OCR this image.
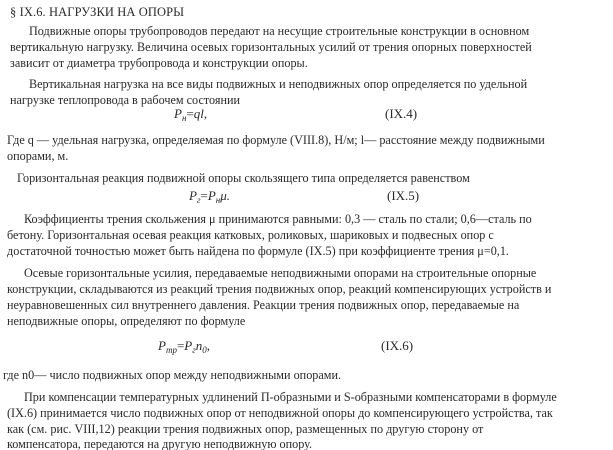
§ IX.6. НАГРУЗКИ НА ОПОРЫ
Подвижные опоры трубопроводов передают на несущие строительные конструкции в основном
вертикальную нагрузку. Величина осевых горизонтальных усилий от трения опорных поверхностей
зависит от диаметра трубопровода и конструкции опоры.
Вертикальная нагрузка на все виды подвижных и неподвижных опор определяется по удельной
нагрузке теплопровода в рабочем состоянии
$P_н=ql$,	(IX.4)
Где q — удельная нагрузка, определяемая по формуле (VIII.8), Н/м; l— расстояние между подвижными
опорами, м.
Горизонтальная реакция подвижной опоры скользящего типа определяется равенством
$P_г=P_н\mu$.	(IX.5)
Коэффициенты трения скольжения μ принимаются равными: 0,3 — сталь по стали; 0,6—сталь по
бетону. Горизонтальная осевая реакция катковых, роликовых, шариковых и подвесных опор с
достаточной точностью может быть найдена по формуле (IX.5) при коэффициенте трения μ=0,1.
Осевые горизонтальные усилия, передаваемые неподвижными опорами на строительные опорные
конструкции, складываются из реакций трения подвижных опор, реакций компенсирующих устройств и
неуравновешенных сил внутреннего давления. Реакции трения подвижных опор, передаваемые на
неподвижные опоры, определяют по формуле
$P_{тр}=P_гn_0$,	(IX.6)
где n0— число подвижных опор между неподвижными опорами.
При компенсации температурных удлинений П-образными и S-образными компенсаторами в формуле
(IX.6) принимается число подвижных опор от неподвижной опоры до компенсирующего устройства, так
как (см. рис. VIII,12) реакции трения подвижных опор, размещенных по другую сторону от
компенсатора, передаются на другую неподвижную опору.
